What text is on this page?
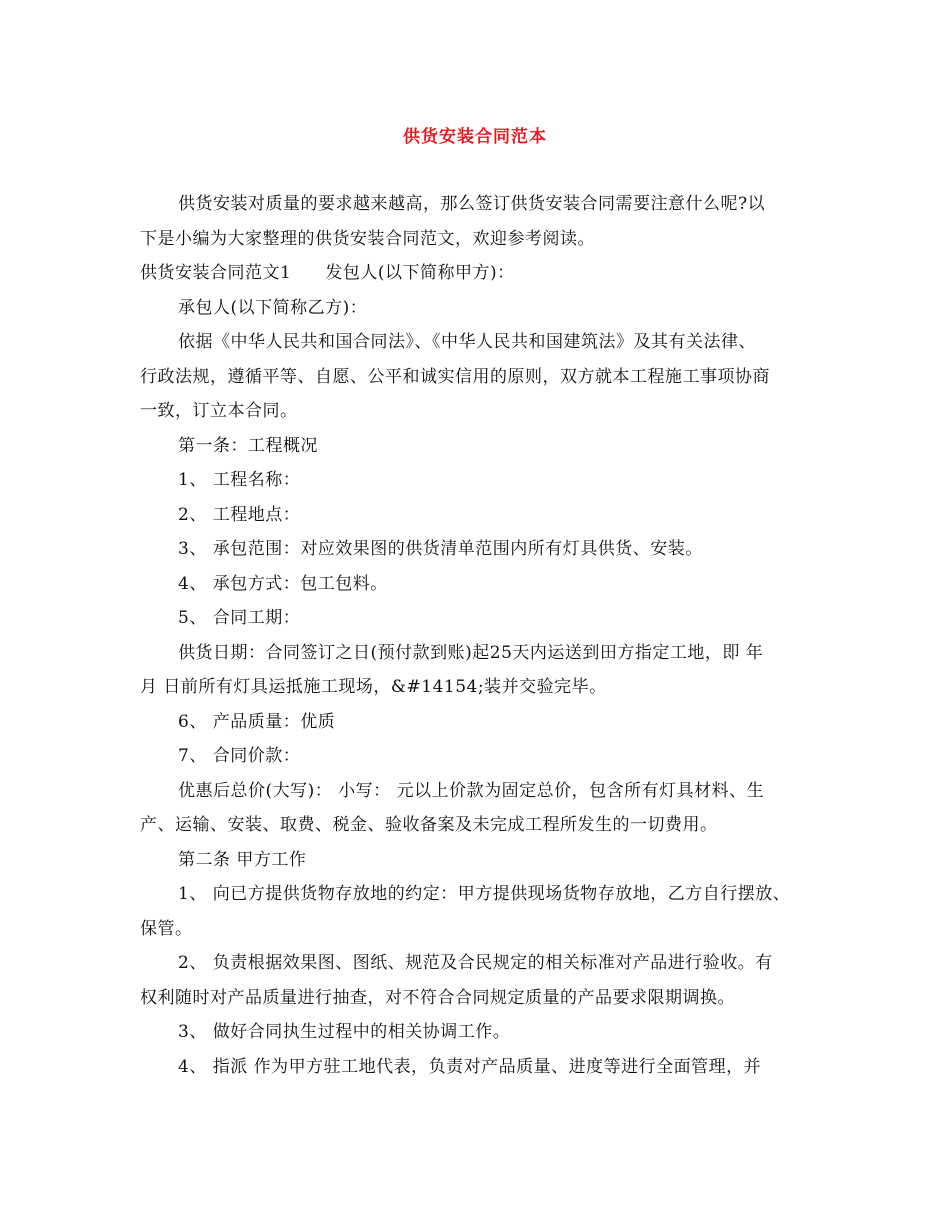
供货安装合同范本
供货安装对质量的要求越来越高，那么签订供货安装合同需要注意什么呢?以
下是小编为大家整理的供货安装合同范文，欢迎参考阅读。
供货安装合同范文1 发包人(以下简称甲方)：
承包人(以下简称乙方)：
依据《中华人民共和国合同法》、《中华人民共和国建筑法》及其有关法律、
行政法规，遵循平等、自愿、公平和诚实信用的原则，双方就本工程施工事项协商
一致，订立本合同。
第一条：工程概况
1、 工程名称：
2、 工程地点：
3、 承包范围：对应效果图的供货清单范围内所有灯具供货、安装。
4、 承包方式：包工包料。
5、 合同工期：
供货日期：合同签订之日(预付款到账)起25天内运送到田方指定工地，即 年
月 日前所有灯具运抵施工现场，&#14154;装并交验完毕。
6、 产品质量：优质
7、 合同价款：
优惠后总价(大写)： 小写： 元以上价款为固定总价，包含所有灯具材料、生
产、运输、安装、取费、税金、验收备案及未完成工程所发生的一切费用。
第二条 甲方工作
1、 向已方提供货物存放地的约定：甲方提供现场货物存放地，乙方自行摆放、
保管。
2、 负责根据效果图、图纸、规范及合民规定的相关标准对产品进行验收。有
权利随时对产品质量进行抽查，对不符合合同规定质量的产品要求限期调换。
3、 做好合同执生过程中的相关协调工作。
4、 指派 作为甲方驻工地代表，负责对产品质量、进度等进行全面管理，并
